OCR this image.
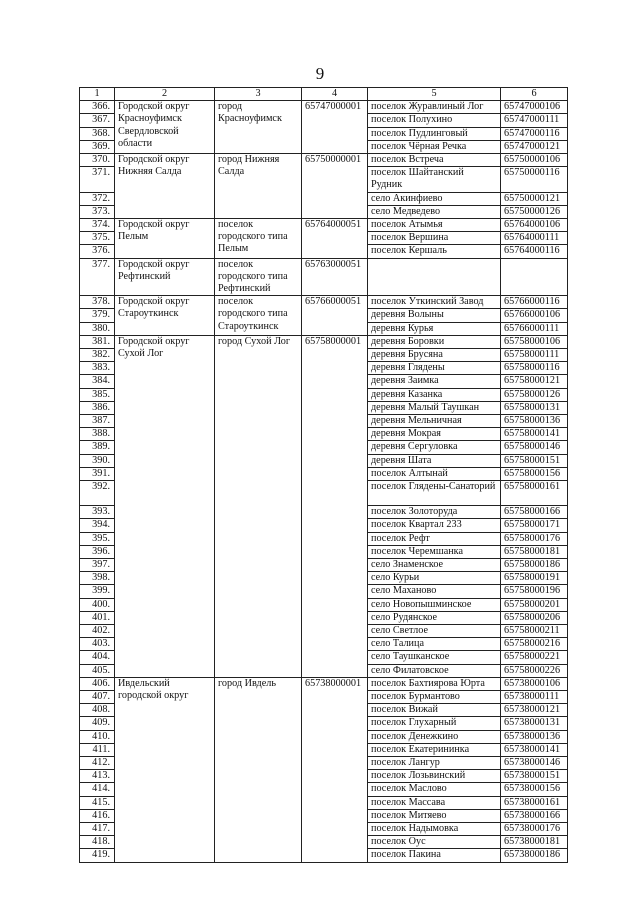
9
1	2	3	4	5	6
366.	Городской округ Красноуфимск Свердловской области	город Красноуфимск	65747000001	поселок Журавлиный Лог	65747000106
367.				поселок Полухино	65747000111
368.				поселок Пудлинговый	65747000116
369.				поселок Чёрная Речка	65747000121
370.	Городской округ Нижняя Салда	город Нижняя Салда	65750000001	поселок Встреча	65750000106
371.				поселок Шайтанский Рудник	65750000116
372.				село Акинфиево	65750000121
373.				село Медведево	65750000126
374.	Городской округ Пелым	поселок городского типа Пелым	65764000051	поселок Атымья	65764000106
375.				поселок Вершина	65764000111
376.				поселок Кершаль	65764000116
377.	Городской округ Рефтинский	поселок городского типа Рефтинский	65763000051		
378.	Городской округ Староуткинск	поселок городского типа Староуткинск	65766000051	поселок Уткинский Завод	65766000116
379.				деревня Волыны	65766000106
380.				деревня Курья	65766000111
381.	Городской округ Сухой Лог	город Сухой Лог	65758000001	деревня Боровки	65758000106
382.				деревня Брусяна	65758000111
383.				деревня Глядены	65758000116
384.				деревня Заимка	65758000121
385.				деревня Казанка	65758000126
386.				деревня Малый Таушкан	65758000131
387.				деревня Мельничная	65758000136
388.				деревня Мокрая	65758000141
389.				деревня Сергуловка	65758000146
390.				деревня Шата	65758000151
391.				поселок Алтынай	65758000156
392.				поселок Глядены-Санаторий	65758000161
393.				поселок Золоторуда	65758000166
394.				поселок Квартал 233	65758000171
395.				поселок Рефт	65758000176
396.				поселок Черемшанка	65758000181
397.				село Знаменское	65758000186
398.				село Курьи	65758000191
399.				село Маханово	65758000196
400.				село Новопышминское	65758000201
401.				село Рудянское	65758000206
402.				село Светлое	65758000211
403.				село Талица	65758000216
404.				село Таушканское	65758000221
405.				село Филатовское	65758000226
406.	Ивдельский городской округ	город Ивдель	65738000001	поселок Бахтиярова Юрта	65738000106
407.				поселок Бурмантово	65738000111
408.				поселок Вижай	65738000121
409.				поселок Глухарный	65738000131
410.				поселок Денежкино	65738000136
411.				поселок Екатерининка	65738000141
412.				поселок Лангур	65738000146
413.				поселок Лозьвинский	65738000151
414.				поселок Маслово	65738000156
415.				поселок Массава	65738000161
416.				поселок Митяево	65738000166
417.				поселок Надымовка	65738000176
418.				поселок Оус	65738000181
419.				поселок Пакина	65738000186
